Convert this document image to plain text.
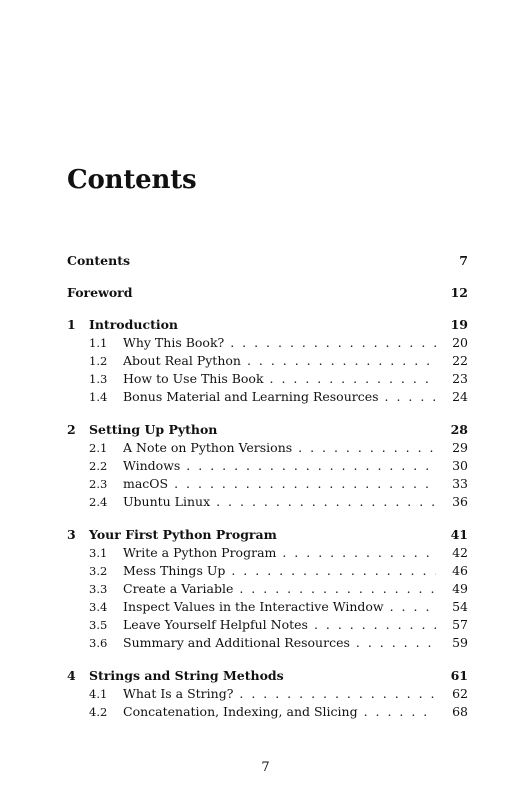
Contents
Contents	7
Foreword	12
1 Introduction	19
1.1 Why This Book? . . .	20
1.2 About Real Python . . .	22
1.3 How to Use This Book . . .	23
1.4 Bonus Material and Learning Resources . . .	24
2 Setting Up Python	28
2.1 A Note on Python Versions . . .	29
2.2 Windows . . .	30
2.3 macOS . . .	33
2.4 Ubuntu Linux . . .	36
3 Your First Python Program	41
3.1 Write a Python Program . . .	42
3.2 Mess Things Up . . .	46
3.3 Create a Variable . . .	49
3.4 Inspect Values in the Interactive Window . . .	54
3.5 Leave Yourself Helpful Notes . . .	57
3.6 Summary and Additional Resources . . .	59
4 Strings and String Methods	61
4.1 What Is a String? . . .	62
4.2 Concatenation, Indexing, and Slicing . . .	68
7
